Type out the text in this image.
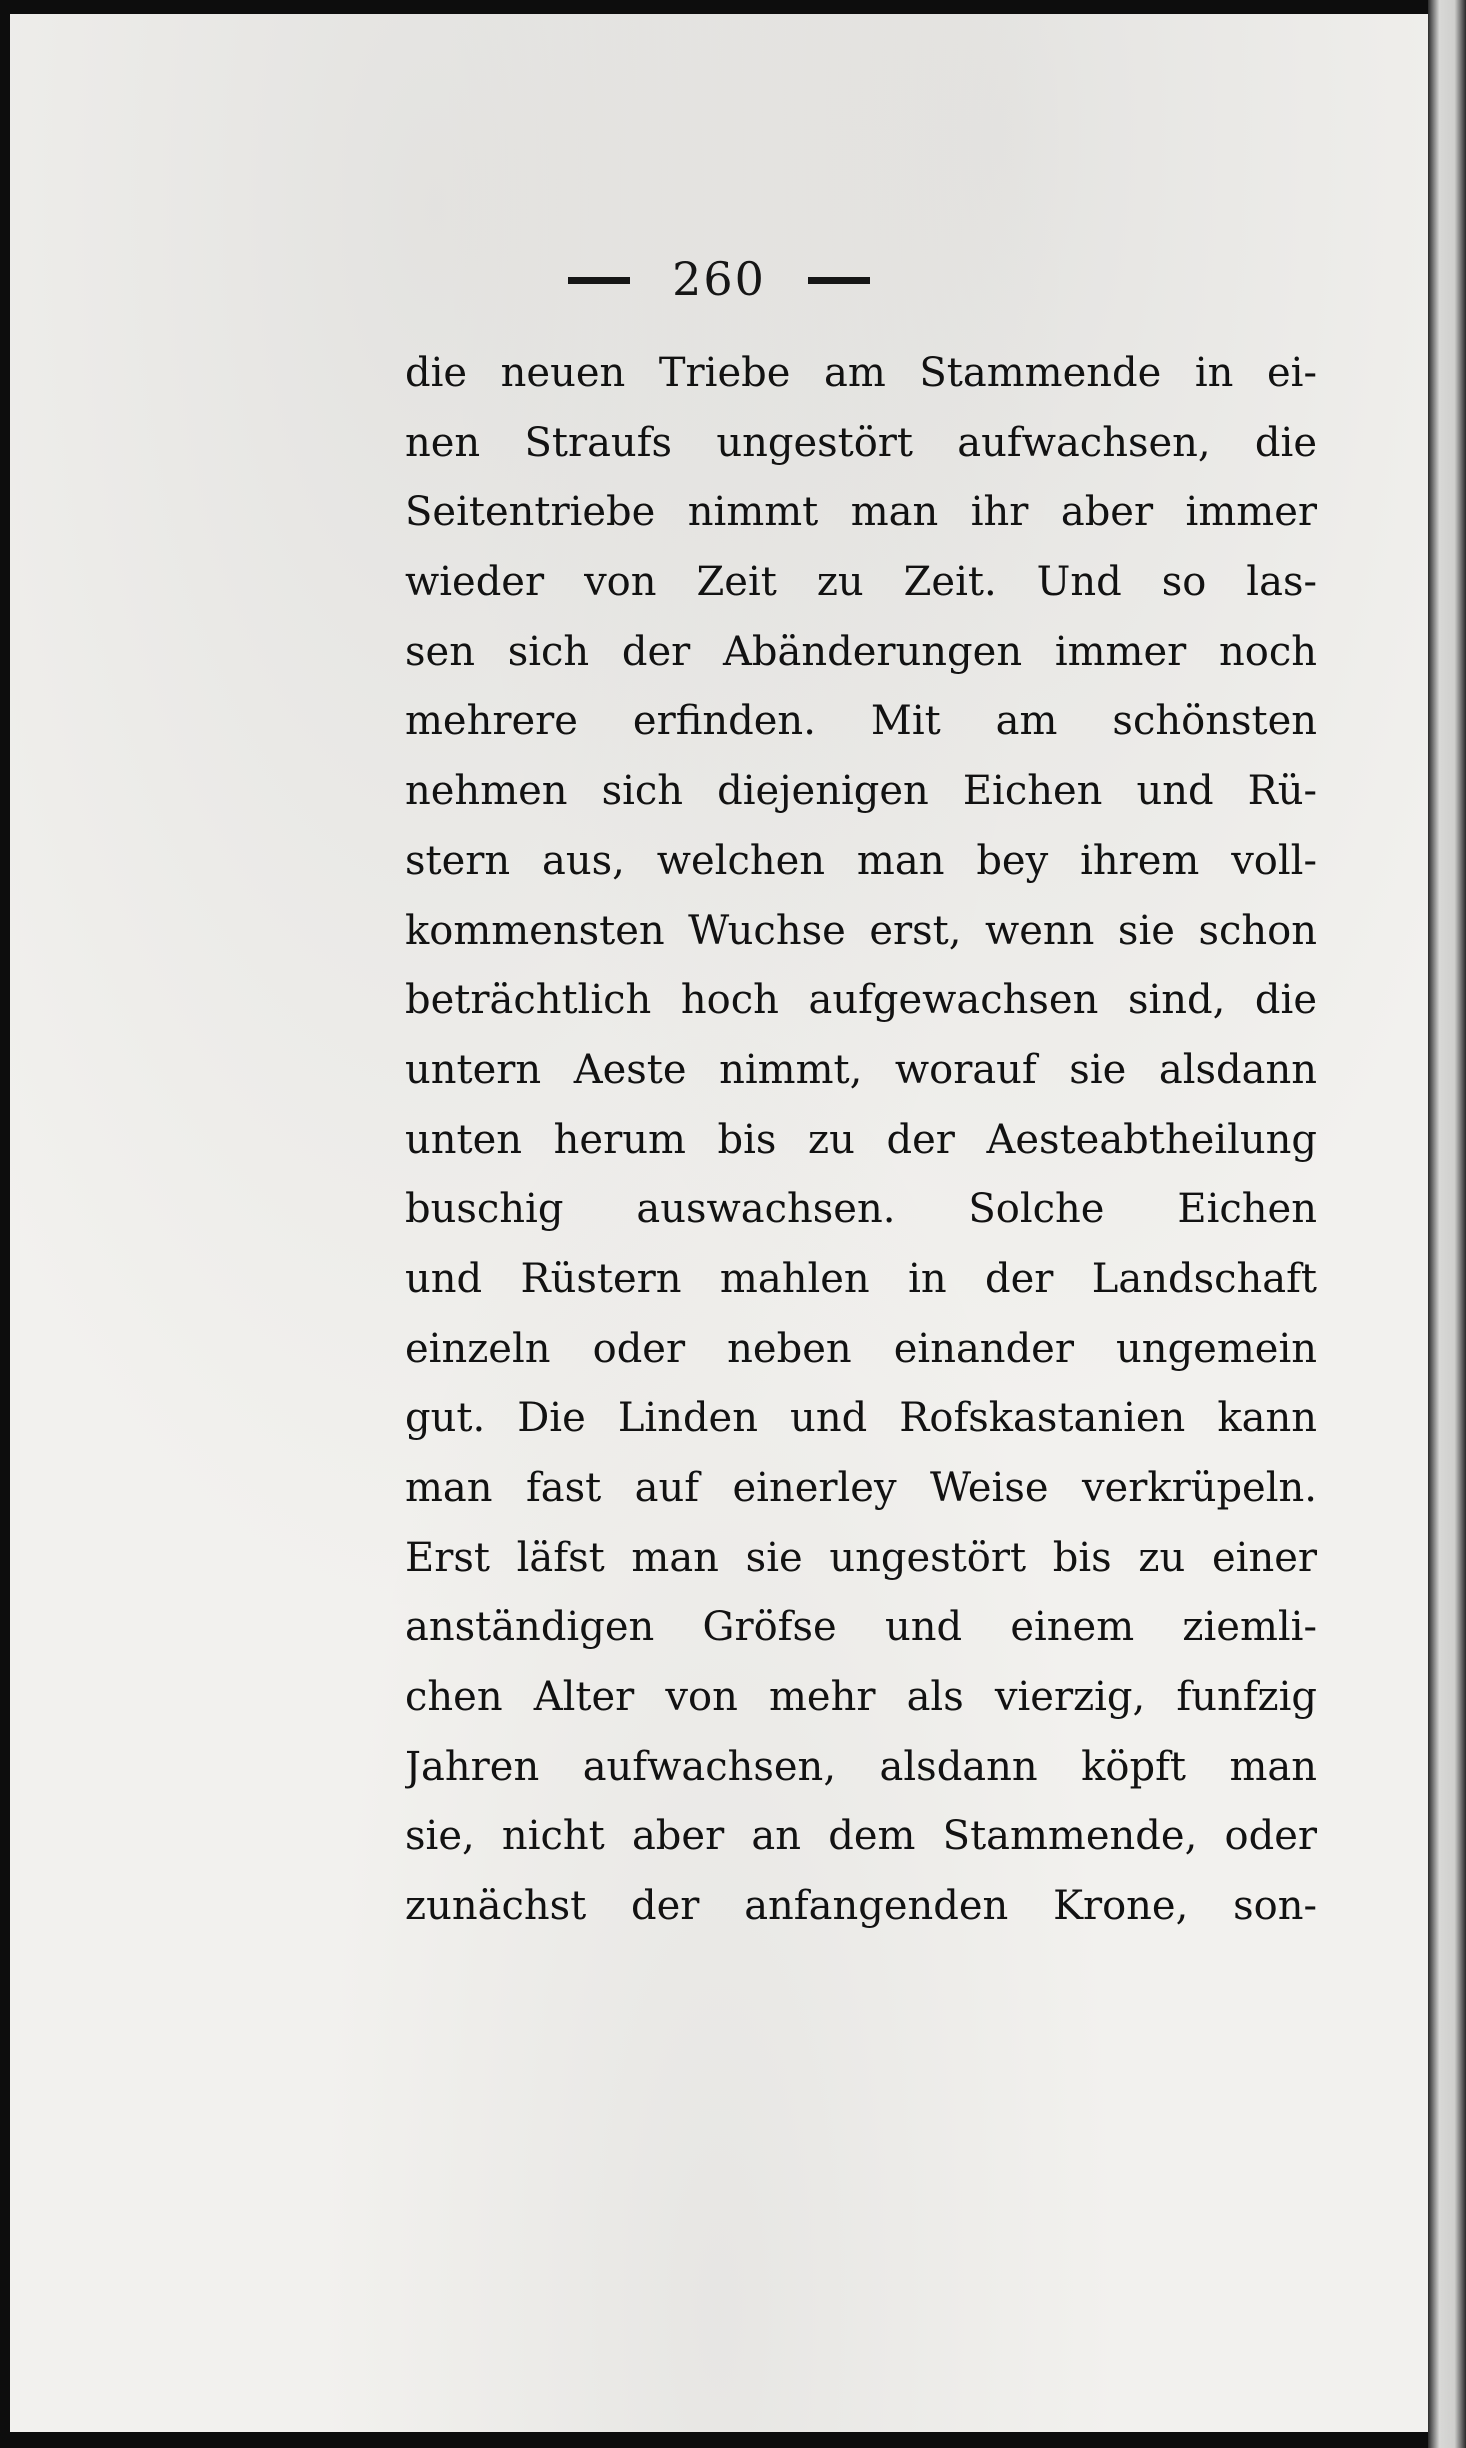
260
die neuen Triebe am Stammende in ei-
nen Straufs ungestört aufwachsen, die
Seitentriebe nimmt man ihr aber immer
wieder von Zeit zu Zeit. Und so las-
sen sich der Abänderungen immer noch
mehrere erfinden. Mit am schönsten
nehmen sich diejenigen Eichen und Rü-
stern aus, welchen man bey ihrem voll-
kommensten Wuchse erst, wenn sie schon
beträchtlich hoch aufgewachsen sind, die
untern Aeste nimmt, worauf sie alsdann
unten herum bis zu der Aesteabtheilung
buschig auswachsen. Solche Eichen
und Rüstern mahlen in der Landschaft
einzeln oder neben einander ungemein
gut. Die Linden und Rofskastanien kann
man fast auf einerley Weise verkrüpeln.
Erst läfst man sie ungestört bis zu einer
anständigen Gröfse und einem ziemli-
chen Alter von mehr als vierzig, funfzig
Jahren aufwachsen, alsdann köpft man
sie, nicht aber an dem Stammende, oder
zunächst der anfangenden Krone, son-
